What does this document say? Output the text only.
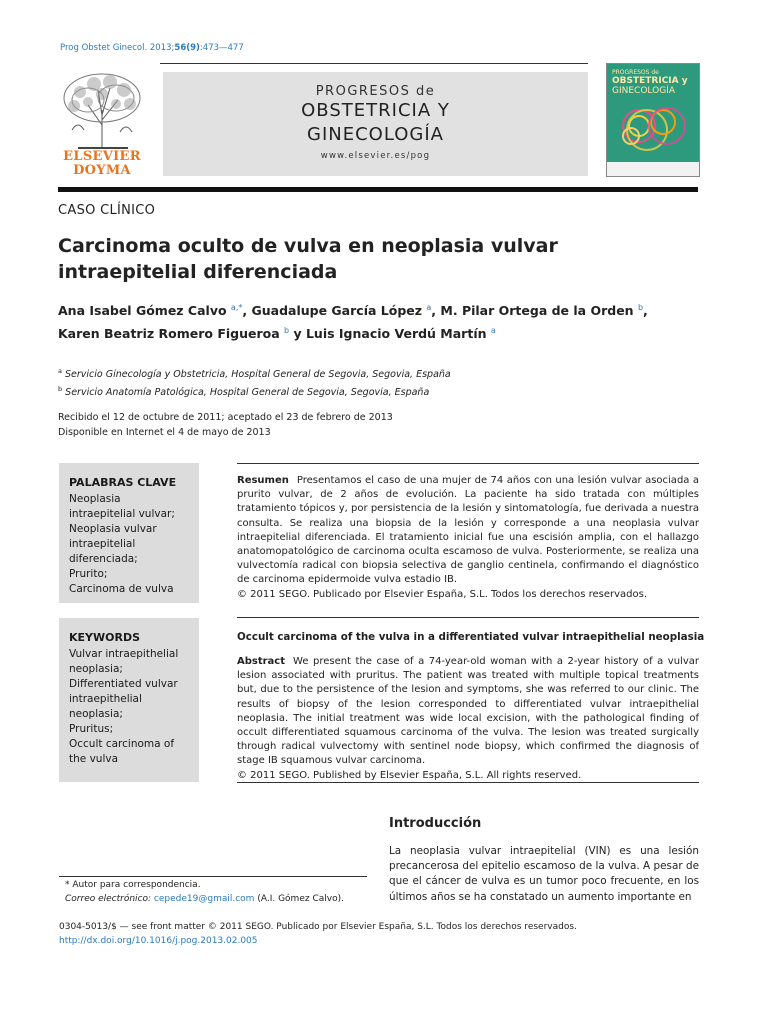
Prog Obstet Ginecol. 2013;56(9):473—477
ELSEVIER
DOYMA
PROGRESOS de
OBSTETRICIA Y
GINECOLOGÍA
www.elsevier.es/pog
PROGRESOS de
OBSTETRICIA y
GINECOLOGÍA
CASO CLÍNICO
Carcinoma oculto de vulva en neoplasia vulvar intraepitelial diferenciada
Ana Isabel Gómez Calvo $^{a,*}$, Guadalupe García López $^a$, M. Pilar Ortega de la Orden $^b$,
Karen Beatriz Romero Figueroa $^b$ y Luis Ignacio Verdú Martín $^a$
$^a$ Servicio Ginecología y Obstetricia, Hospital General de Segovia, Segovia, España
$^b$ Servicio Anatomía Patológica, Hospital General de Segovia, Segovia, España
Recibido el 12 de octubre de 2011; aceptado el 23 de febrero de 2013
Disponible en Internet el 4 de mayo de 2013
PALABRAS CLAVE
Neoplasia intraepitelial vulvar;
Neoplasia vulvar intraepitelial diferenciada;
Prurito;
Carcinoma de vulva
KEYWORDS
Vulvar intraepithelial neoplasia;
Differentiated vulvar intraepithelial neoplasia;
Pruritus;
Occult carcinoma of the vulva
Resumen Presentamos el caso de una mujer de 74 años con una lesión vulvar asociada a prurito vulvar, de 2 años de evolución. La paciente ha sido tratada con múltiples tratamiento tópicos y, por persistencia de la lesión y sintomatología, fue derivada a nuestra consulta. Se realiza una biopsia de la lesión y corresponde a una neoplasia vulvar intraepitelial diferenciada. El tratamiento inicial fue una escisión amplia, con el hallazgo anatomopatológico de carcinoma oculta escamoso de vulva. Posteriormente, se realiza una vulvectomía radical con biopsia selectiva de ganglio centinela, confirmando el diagnóstico de carcinoma epidermoide vulva estadio IB.
© 2011 SEGO. Publicado por Elsevier España, S.L. Todos los derechos reservados.
Occult carcinoma of the vulva in a differentiated vulvar intraepithelial neoplasia
Abstract We present the case of a 74-year-old woman with a 2-year history of a vulvar lesion associated with pruritus. The patient was treated with multiple topical treatments but, due to the persistence of the lesion and symptoms, she was referred to our clinic. The results of biopsy of the lesion corresponded to differentiated vulvar intraepithelial neoplasia. The initial treatment was wide local excision, with the pathological finding of occult differentiated squamous carcinoma of the vulva. The lesion was treated surgically through radical vulvectomy with sentinel node biopsy, which confirmed the diagnosis of stage IB squamous vulvar carcinoma.
© 2011 SEGO. Published by Elsevier España, S.L. All rights reserved.
Introducción
La neoplasia vulvar intraepitelial (VIN) es una lesión precancerosa del epitelio escamoso de la vulva. A pesar de que el cáncer de vulva es un tumor poco frecuente, en los últimos años se ha constatado un aumento importante en
* Autor para correspondencia.
Correo electrónico: cepede19@gmail.com (A.I. Gómez Calvo).
0304-5013/$ — see front matter © 2011 SEGO. Publicado por Elsevier España, S.L. Todos los derechos reservados.
http://dx.doi.org/10.1016/j.pog.2013.02.005
